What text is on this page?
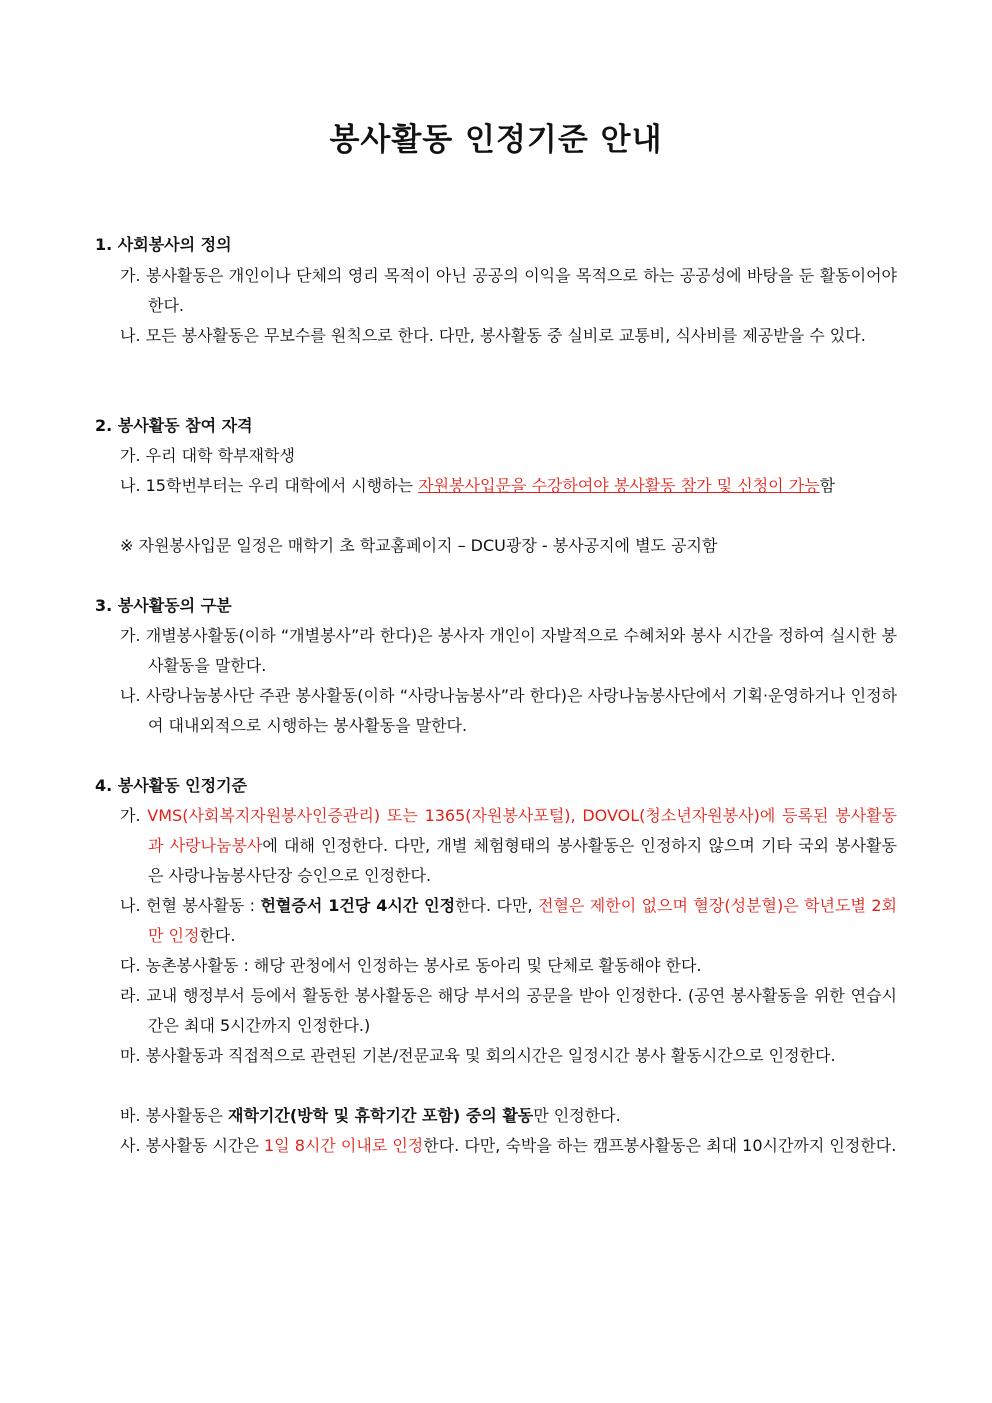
봉사활동 인정기준 안내
1. 사회봉사의 정의
가. 봉사활동은 개인이나 단체의 영리 목적이 아닌 공공의 이익을 목적으로 하는 공공성에 바탕을 둔 활동이어야 한다.
나. 모든 봉사활동은 무보수를 원칙으로 한다. 다만, 봉사활동 중 실비로 교통비, 식사비를 제공받을 수 있다.
2. 봉사활동 참여 자격
가. 우리 대학 학부재학생
나. 15학번부터는 우리 대학에서 시행하는 자원봉사입문을 수강하여야 봉사활동 참가 및 신청이 가능함
※ 자원봉사입문 일정은 매학기 초 학교홈페이지 – DCU광장 - 봉사공지에 별도 공지함
3. 봉사활동의 구분
가. 개별봉사활동(이하 “개별봉사”라 한다)은 봉사자 개인이 자발적으로 수혜처와 봉사 시간을 정하여 실시한 봉사활동을 말한다.
나. 사랑나눔봉사단 주관 봉사활동(이하 “사랑나눔봉사”라 한다)은 사랑나눔봉사단에서 기획·운영하거나 인정하여 대내외적으로 시행하는 봉사활동을 말한다.
4. 봉사활동 인정기준
가. VMS(사회복지자원봉사인증관리) 또는 1365(자원봉사포털), DOVOL(청소년자원봉사)에 등록된 봉사활동과 사랑나눔봉사에 대해 인정한다. 다만, 개별 체험형태의 봉사활동은 인정하지 않으며 기타 국외 봉사활동은 사랑나눔봉사단장 승인으로 인정한다.
나. 헌혈 봉사활동 : 헌혈증서 1건당 4시간 인정한다. 다만, 전혈은 제한이 없으며 혈장(성분혈)은 학년도별 2회만 인정한다.
다. 농촌봉사활동 : 해당 관청에서 인정하는 봉사로 동아리 및 단체로 활동해야 한다.
라. 교내 행정부서 등에서 활동한 봉사활동은 해당 부서의 공문을 받아 인정한다. (공연 봉사활동을 위한 연습시간은 최대 5시간까지 인정한다.)
마. 봉사활동과 직접적으로 관련된 기본/전문교육 및 회의시간은 일정시간 봉사 활동시간으로 인정한다.
바. 봉사활동은 재학기간(방학 및 휴학기간 포함) 중의 활동만 인정한다.
사. 봉사활동 시간은 1일 8시간 이내로 인정한다. 다만, 숙박을 하는 캠프봉사활동은 최대 10시간까지 인정한다.
